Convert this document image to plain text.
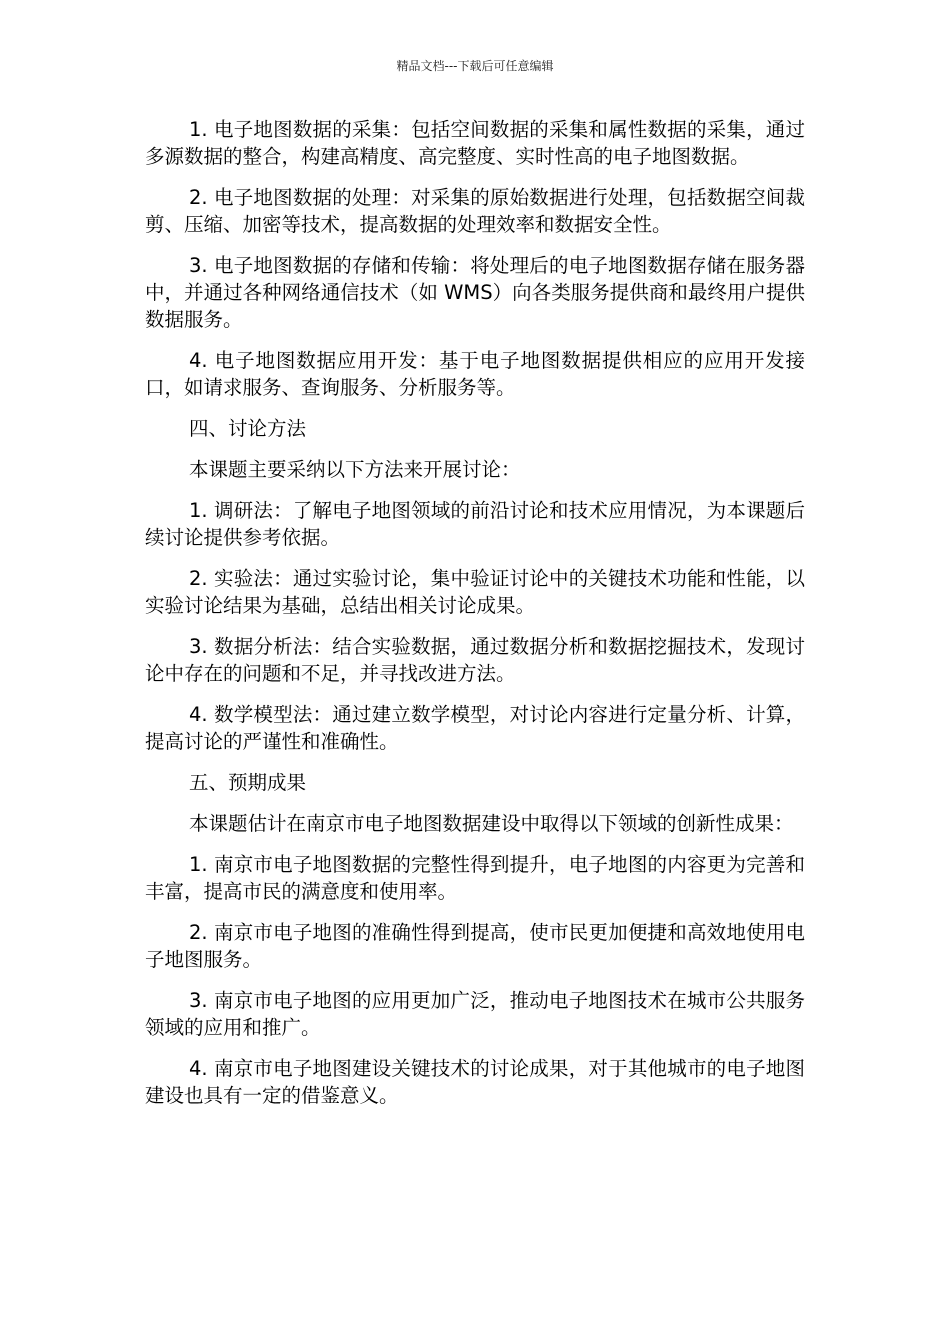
精品文档---下载后可任意编辑

1. 电子地图数据的采集：包括空间数据的采集和属性数据的采集，通过多源数据的整合，构建高精度、高完整度、实时性高的电子地图数据。

2. 电子地图数据的处理：对采集的原始数据进行处理，包括数据空间裁剪、压缩、加密等技术，提高数据的处理效率和数据安全性。

3. 电子地图数据的存储和传输：将处理后的电子地图数据存储在服务器中，并通过各种网络通信技术（如 WMS）向各类服务提供商和最终用户提供数据服务。

4. 电子地图数据应用开发：基于电子地图数据提供相应的应用开发接口，如请求服务、查询服务、分析服务等。

四、讨论方法

本课题主要采纳以下方法来开展讨论：

1. 调研法：了解电子地图领域的前沿讨论和技术应用情况，为本课题后续讨论提供参考依据。

2. 实验法：通过实验讨论，集中验证讨论中的关键技术功能和性能，以实验讨论结果为基础，总结出相关讨论成果。

3. 数据分析法：结合实验数据，通过数据分析和数据挖掘技术，发现讨论中存在的问题和不足，并寻找改进方法。

4. 数学模型法：通过建立数学模型，对讨论内容进行定量分析、计算，提高讨论的严谨性和准确性。

五、预期成果

本课题估计在南京市电子地图数据建设中取得以下领域的创新性成果：

1. 南京市电子地图数据的完整性得到提升，电子地图的内容更为完善和丰富，提高市民的满意度和使用率。

2. 南京市电子地图的准确性得到提高，使市民更加便捷和高效地使用电子地图服务。

3. 南京市电子地图的应用更加广泛，推动电子地图技术在城市公共服务领域的应用和推广。

4. 南京市电子地图建设关键技术的讨论成果，对于其他城市的电子地图建设也具有一定的借鉴意义。
